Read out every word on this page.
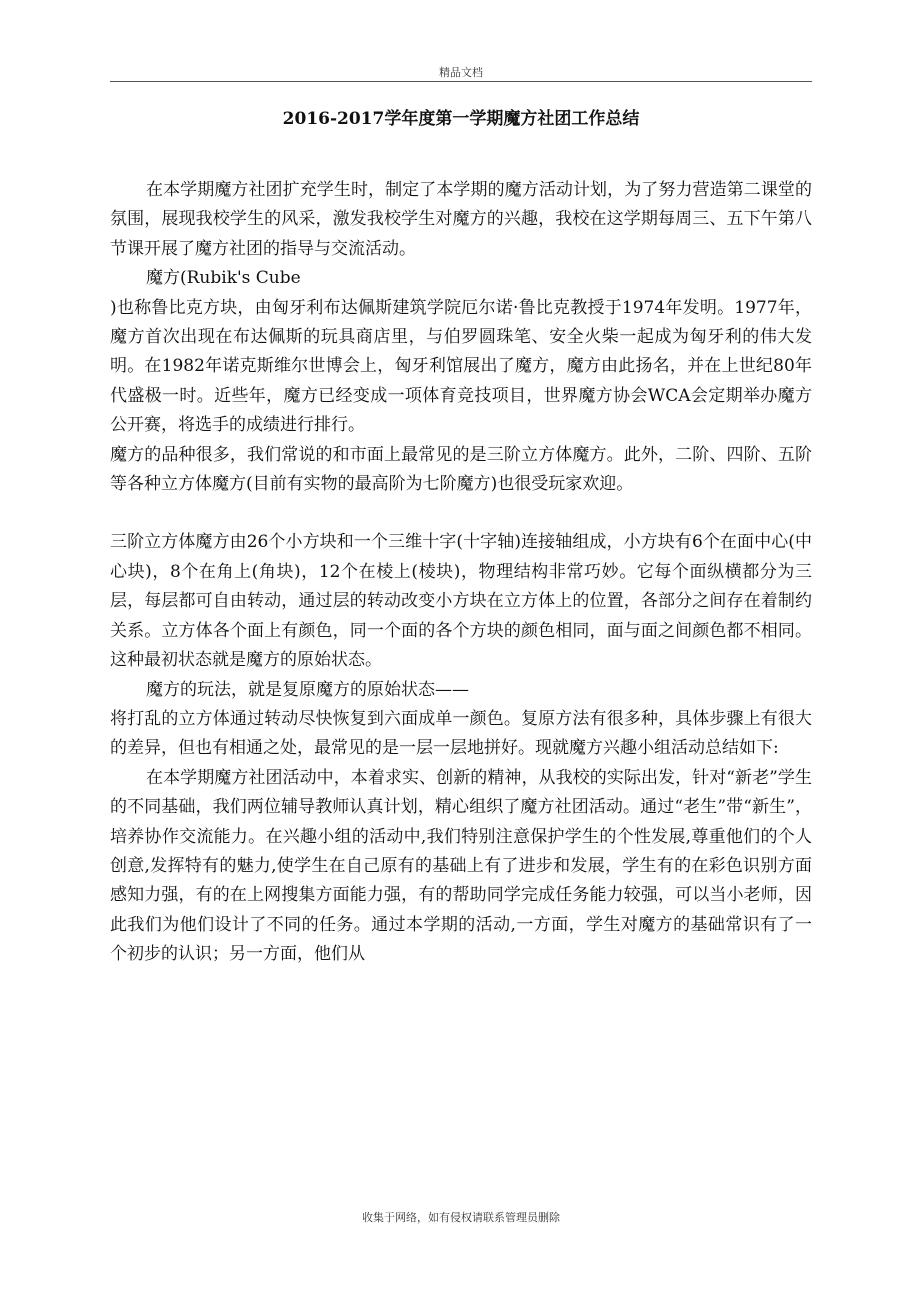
精品文档
2016-2017学年度第一学期魔方社团工作总结

在本学期魔方社团扩充学生时，制定了本学期的魔方活动计划，为了努力营造第二课堂的氛围，展现我校学生的风采，激发我校学生对魔方的兴趣，我校在这学期每周三、五下午第八节课开展了魔方社团的指导与交流活动。

魔方(Rubik's Cube

)也称鲁比克方块，由匈牙利布达佩斯建筑学院厄尔诺·鲁比克教授于1974年发明。1977年，魔方首次出现在布达佩斯的玩具商店里，与伯罗圆珠笔、安全火柴一起成为匈牙利的伟大发明。在1982年诺克斯维尔世博会上，匈牙利馆展出了魔方，魔方由此扬名，并在上世纪80年代盛极一时。近些年，魔方已经变成一项体育竞技项目，世界魔方协会WCA会定期举办魔方公开赛，将选手的成绩进行排行。

魔方的品种很多，我们常说的和市面上最常见的是三阶立方体魔方。此外，二阶、四阶、五阶等各种立方体魔方(目前有实物的最高阶为七阶魔方)也很受玩家欢迎。

三阶立方体魔方由26个小方块和一个三维十字(十字轴)连接轴组成，小方块有6个在面中心(中心块)，8个在角上(角块)，12个在棱上(棱块)，物理结构非常巧妙。它每个面纵横都分为三层，每层都可自由转动，通过层的转动改变小方块在立方体上的位置，各部分之间存在着制约关系。立方体各个面上有颜色，同一个面的各个方块的颜色相同，面与面之间颜色都不相同。这种最初状态就是魔方的原始状态。

魔方的玩法，就是复原魔方的原始状态——

将打乱的立方体通过转动尽快恢复到六面成单一颜色。复原方法有很多种，具体步骤上有很大的差异，但也有相通之处，最常见的是一层一层地拼好。现就魔方兴趣小组活动总结如下:

在本学期魔方社团活动中，本着求实、创新的精神，从我校的实际出发，针对“新老”学生的不同基础，我们两位辅导教师认真计划，精心组织了魔方社团活动。通过“老生”带“新生”，培养协作交流能力。在兴趣小组的活动中,我们特别注意保护学生的个性发展,尊重他们的个人创意,发挥特有的魅力,使学生在自己原有的基础上有了进步和发展，学生有的在彩色识别方面感知力强，有的在上网搜集方面能力强，有的帮助同学完成任务能力较强，可以当小老师，因此我们为他们设计了不同的任务。通过本学期的活动,一方面，学生对魔方的基础常识有了一个初步的认识；另一方面，他们从

收集于网络，如有侵权请联系管理员删除
